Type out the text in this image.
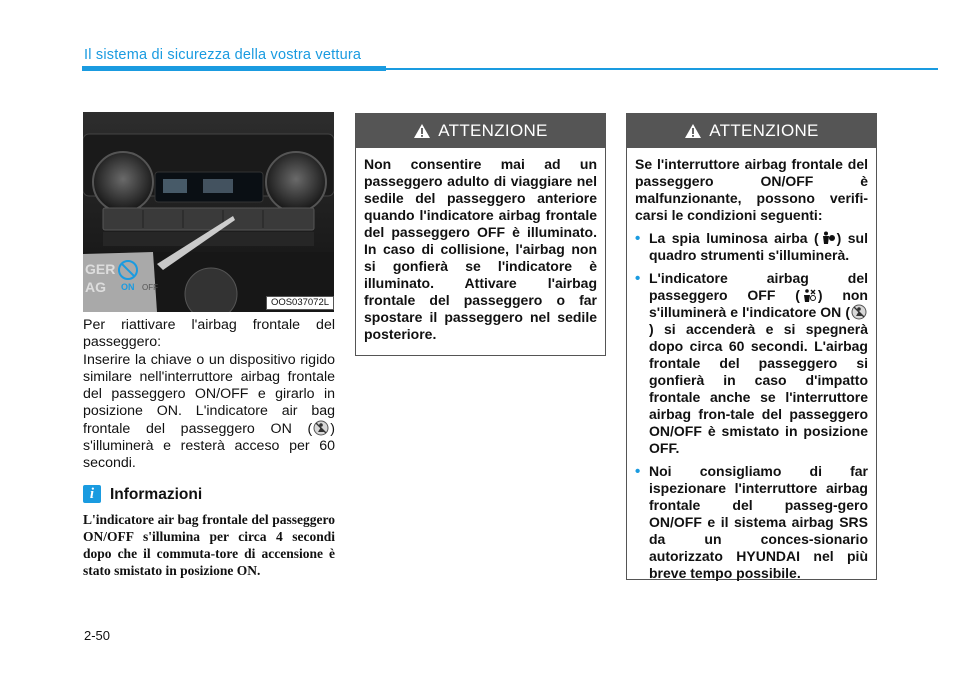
Il sistema di sicurezza della vostra vettura
GER
AG ON OFF
OOS037072L
Per riattivare l'airbag frontale del passeggero:
Inserire la chiave o un dispositivo rigido similare nell'interruttore airbag frontale del passeggero ON/OFF e girarlo in posizione ON. L'indicatore air bag frontale del passeggero ON ( ) s'illuminerà e resterà acceso per 60 secondi.
i	Informazioni
L'indicatore air bag frontale del passeggero ON/OFF s'illumina per circa 4 secondi dopo che il commuta-tore di accensione è stato smistato in posizione ON.
ATTENZIONE
Non consentire mai ad un passeggero adulto di viaggiare nel sedile del passeggero anteriore quando l'indicatore airbag frontale del passeggero OFF è illuminato. In caso di collisione, l'airbag non si gonfierà se l'indicatore è illuminato. Attivare l'airbag frontale del passeggero o far spostare il passeggero nel sedile posteriore.
ATTENZIONE
Se l'interruttore airbag frontale del passeggero ON/OFF è malfunzionante, possono verifi-carsi le condizioni seguenti:
• La spia luminosa airba ( ) sul quadro strumenti s'illuminerà.
• L'indicatore airbag del passeggero OFF ( ) non s'illuminerà e l'indicatore ON () si accenderà e si spegnerà dopo circa 60 secondi. L'airbag frontale del passeggero si gonfierà in caso d'impatto frontale anche se l'interruttore airbag fron-tale del passeggero ON/OFF è smistato in posizione OFF.
• Noi consigliamo di far ispezionare l'interruttore airbag frontale del passeg-gero ON/OFF e il sistema airbag SRS da un conces-sionario autorizzato HYUNDAI nel più breve tempo possibile.
2-50
